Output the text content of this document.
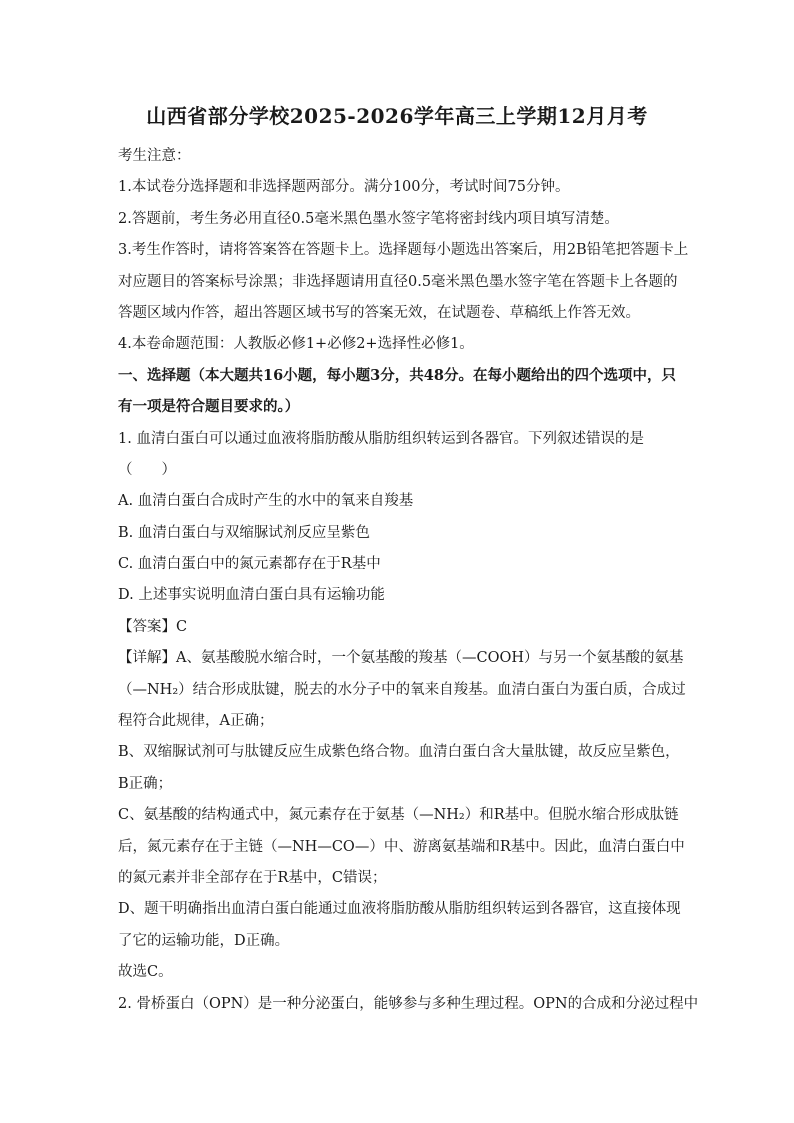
山西省部分学校2025-2026学年高三上学期12月月考

考生注意：

1.本试卷分选择题和非选择题两部分。满分100分，考试时间75分钟。

2.答题前，考生务必用直径0.5毫米黑色墨水签字笔将密封线内项目填写清楚。

3.考生作答时，请将答案答在答题卡上。选择题每小题选出答案后，用2B铅笔把答题卡上

对应题目的答案标号涂黑；非选择题请用直径0.5毫米黑色墨水签字笔在答题卡上各题的

答题区域内作答，超出答题区域书写的答案无效，在试题卷、草稿纸上作答无效。

4.本卷命题范围：人教版必修1+必修2+选择性必修1。

一、选择题（本大题共16小题，每小题3分，共48分。在每小题给出的四个选项中，只

有一项是符合题目要求的。）

1. 血清白蛋白可以通过血液将脂肪酸从脂肪组织转运到各器官。下列叙述错误的是

（　　）

A. 血清白蛋白合成时产生的水中的氧来自羧基

B. 血清白蛋白与双缩脲试剂反应呈紫色

C. 血清白蛋白中的氮元素都存在于R基中

D. 上述事实说明血清白蛋白具有运输功能

【答案】C

【详解】A、氨基酸脱水缩合时，一个氨基酸的羧基（—COOH）与另一个氨基酸的氨基

（—NH₂）结合形成肽键，脱去的水分子中的氧来自羧基。血清白蛋白为蛋白质，合成过

程符合此规律，A正确；

B、双缩脲试剂可与肽键反应生成紫色络合物。血清白蛋白含大量肽键，故反应呈紫色，

B正确；

C、氨基酸的结构通式中，氮元素存在于氨基（—NH₂）和R基中。但脱水缩合形成肽链

后，氮元素存在于主链（—NH—CO—）中、游离氨基端和R基中。因此，血清白蛋白中

的氮元素并非全部存在于R基中，C错误；

D、题干明确指出血清白蛋白能通过血液将脂肪酸从脂肪组织转运到各器官，这直接体现

了它的运输功能，D正确。

故选C。

2. 骨桥蛋白（OPN）是一种分泌蛋白，能够参与多种生理过程。OPN的合成和分泌过程中
